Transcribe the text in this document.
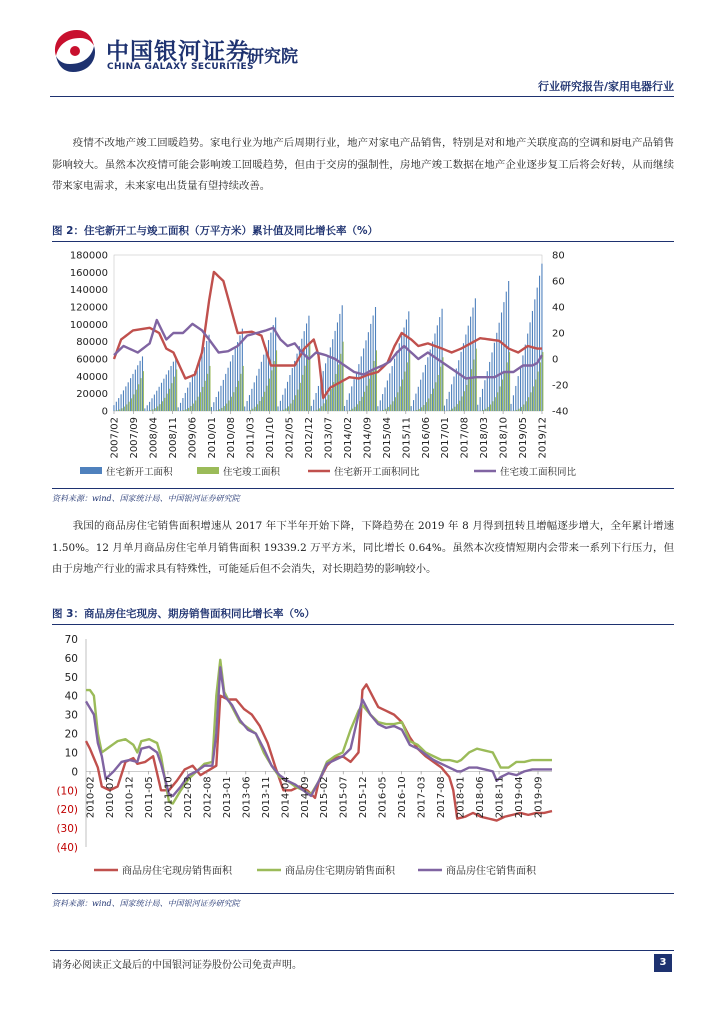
中国银河证券
CHINA GALAXY SECURITIES
研究院
行业研究报告/家用电器行业

疫情不改地产竣工回暖趋势。家电行业为地产后周期行业，地产对家电产品销售，特别是对和地产关联度高的空调和厨电产品销售影响较大。虽然本次疫情可能会影响竣工回暖趋势，但由于交房的强制性，房地产竣工数据在地产企业逐步复工后将会好转，从而继续带来家电需求，未来家电出货量有望持续改善。

图 2：住宅新开工与竣工面积（万平方米）累计值及同比增长率（%）
0
20000
40000
60000
80000
100000
120000
140000
160000
180000
-40
-20
0
20
40
60
80
2007/02 2007/09 2008/04 2008/11 2009/06 2010/01 2010/08 2011/03 2011/10 2012/05 2012/12 2013/07 2014/02 2014/09 2015/04 2015/11 2016/06 2017/01 2017/08 2018/03 2018/10 2019/05 2019/12
住宅新开工面积	住宅竣工面积	住宅新开工面积同比	住宅竣工面积同比
资料来源：wind、国家统计局、中国银河证券研究院

我国的商品房住宅销售面积增速从 2017 年下半年开始下降，下降趋势在 2019 年 8 月得到扭转且增幅逐步增大，全年累计增速 1.50%。12 月单月商品房住宅单月销售面积 19339.2 万平方米，同比增长 0.64%。虽然本次疫情短期内会带来一系列下行压力，但由于房地产行业的需求具有特殊性，可能延后但不会消失，对长期趋势的影响较小。

图 3：商品房住宅现房、期房销售面积同比增长率（%）
(40)
(30)
(20)
(10)
0
10
20
30
40
50
60
70
2010-02 2010-07 2010-12 2011-05 2011-10 2012-03 2012-08 2013-01 2013-06 2013-11 2014-04 2014-09 2015-02 2015-07 2015-12 2016-05 2016-10 2017-03 2017-08 2018-01 2018-06 2018-11 2019-04 2019-09
商品房住宅现房销售面积	商品房住宅期房销售面积	商品房住宅销售面积
资料来源：wind、国家统计局、中国银河证券研究院
请务必阅读正文最后的中国银河证券股份公司免责声明。	3
